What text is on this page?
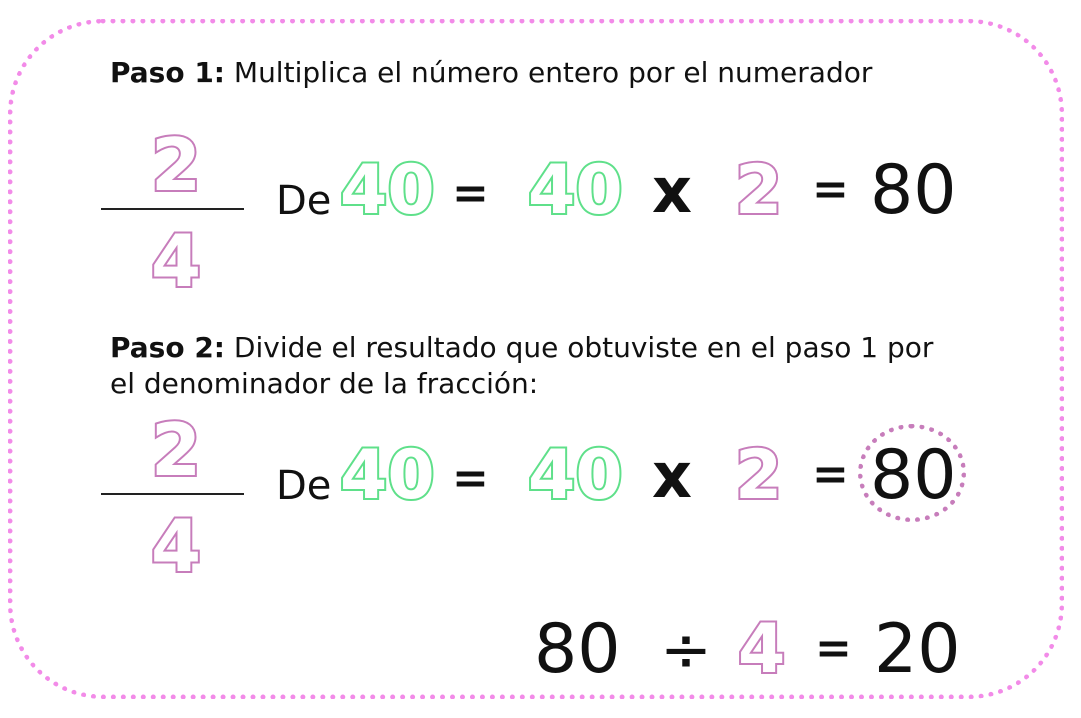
Paso 1: Multiplica el número entero por el numerador
2
4
De 40 = 40 x 2 = 80
Paso 2: Divide el resultado que obtuviste en el paso 1 por
el denominador de la fracción:
2
4
De 40 = 40 x 2 = 80
80 ÷ 4 = 20
